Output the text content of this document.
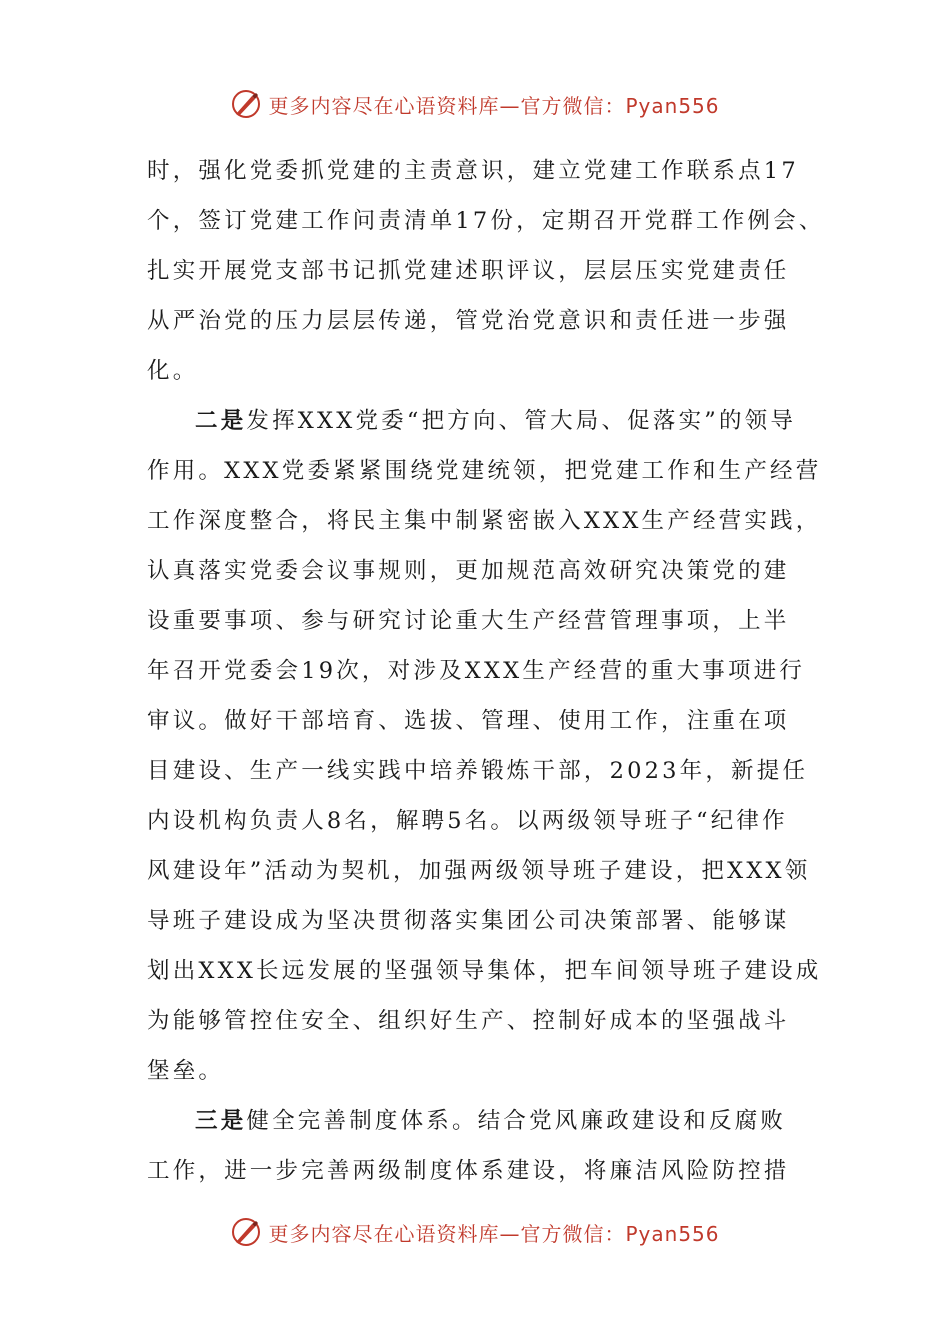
更多内容尽在心语资料库—官方微信：Pyan556
时，强化党委抓党建的主责意识，建立党建工作联系点17
个，签订党建工作问责清单17份，定期召开党群工作例会、
扎实开展党支部书记抓党建述职评议，层层压实党建责任
从严治党的压力层层传递，管党治党意识和责任进一步强
化。
二是发挥XXX党委“把方向、管大局、促落实”的领导
作用。XXX党委紧紧围绕党建统领，把党建工作和生产经营
工作深度整合，将民主集中制紧密嵌入XXX生产经营实践，
认真落实党委会议事规则，更加规范高效研究决策党的建
设重要事项、参与研究讨论重大生产经营管理事项，上半
年召开党委会19次，对涉及XXX生产经营的重大事项进行
审议。做好干部培育、选拔、管理、使用工作，注重在项
目建设、生产一线实践中培养锻炼干部，2023年，新提任
内设机构负责人8名，解聘5名。以两级领导班子“纪律作
风建设年”活动为契机，加强两级领导班子建设，把XXX领
导班子建设成为坚决贯彻落实集团公司决策部署、能够谋
划出XXX长远发展的坚强领导集体，把车间领导班子建设成
为能够管控住安全、组织好生产、控制好成本的坚强战斗
堡垒。
三是健全完善制度体系。结合党风廉政建设和反腐败
工作，进一步完善两级制度体系建设，将廉洁风险防控措
更多内容尽在心语资料库—官方微信：Pyan556
